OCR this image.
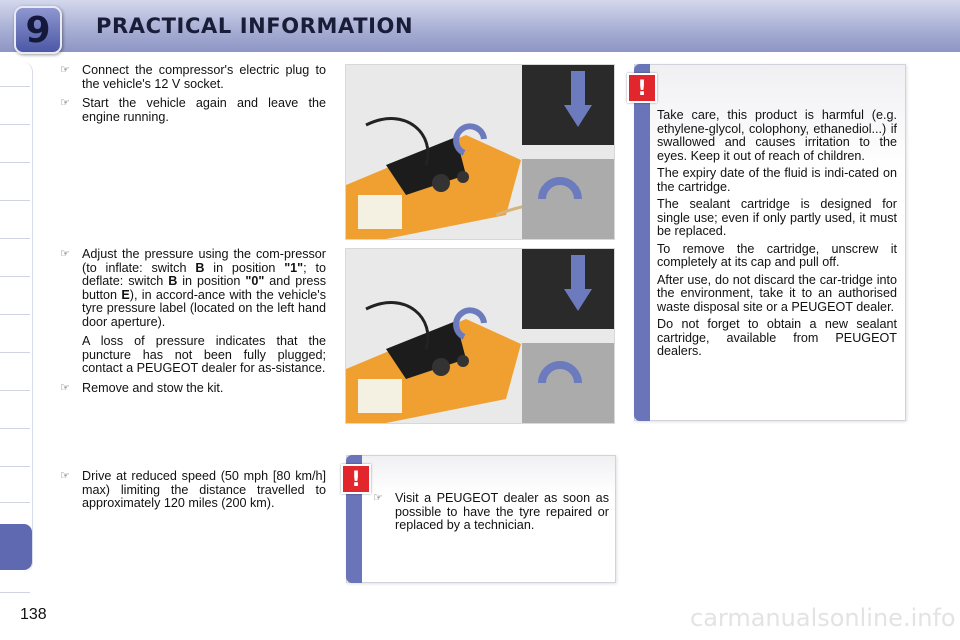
9	PRACTICAL INFORMATION

☞ Connect the compressor's electric plug to the vehicle's 12 V socket.

☞ Start the vehicle again and leave the engine running.

☞ Adjust the pressure using the com-pressor (to inflate: switch B in position "1"; to deflate: switch B in position "0" and press button E), in accord-ance with the vehicle's tyre pressure label (located on the left hand door aperture).

A loss of pressure indicates that the puncture has not been fully plugged; contact a PEUGEOT dealer for as-sistance.

☞ Remove and stow the kit.

☞ Drive at reduced speed (50 mph [80 km/h] max) limiting the distance travelled to approximately 120 miles (200 km).

!

Take care, this product is harmful (e.g. ethylene-glycol, colophony, ethanediol...) if swallowed and causes irritation to the eyes. Keep it out of reach of children.

The expiry date of the fluid is indi-cated on the cartridge.

The sealant cartridge is designed for single use; even if only partly used, it must be replaced.

To remove the cartridge, unscrew it completely at its cap and pull off.

After use, do not discard the car-tridge into the environment, take it to an authorised waste disposal site or a PEUGEOT dealer.

Do not forget to obtain a new sealant cartridge, available from PEUGEOT dealers.

!

☞ Visit a PEUGEOT dealer as soon as possible to have the tyre repaired or replaced by a technician.

138	carmanualsonline.info
